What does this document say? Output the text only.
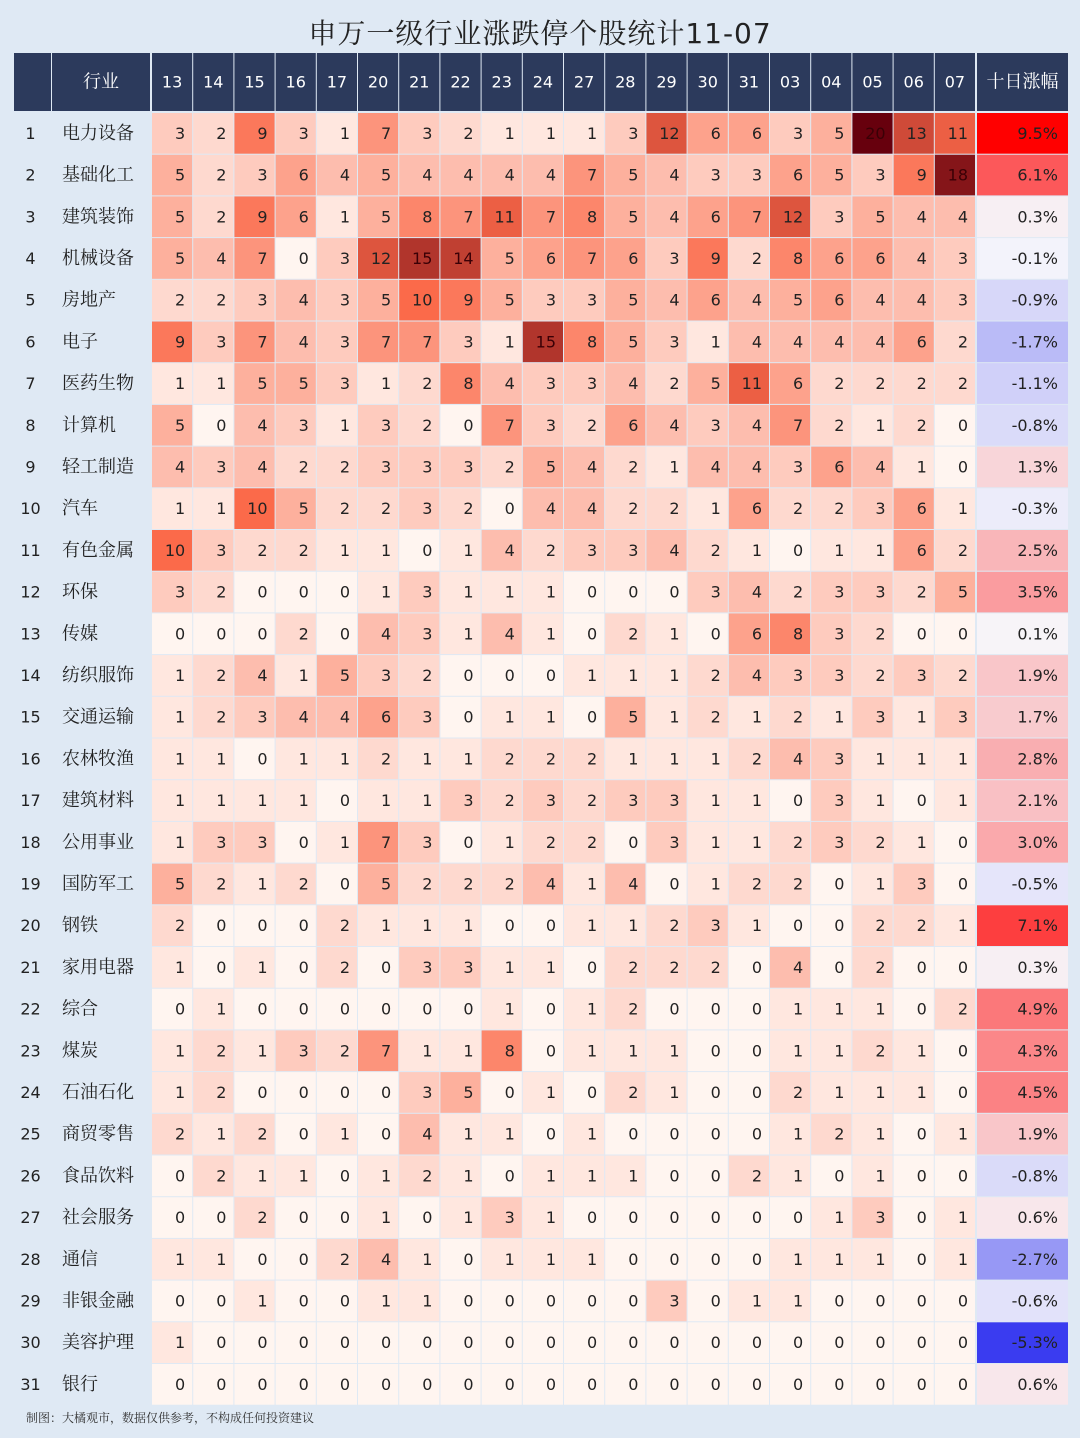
申万一级行业涨跌停个股统计11-07
行业	13 14 15 16 17 20 21 22 23 24 27 28 29 30 31 03 04 05 06 07 十日涨幅
1 电力设备	3 2 9 3 1 7 3 2 1 1 1 3 12 6 6 3 5 20 13 11	9.5%
2 基础化工	5 2 3 6 4 5 4 4 4 4 7 5 4 3 3 6 5 3 9 18	6.1%
3 建筑装饰	5 2 9 6 1 5 8 7 11 7 8 5 4 6 7 12 3 5 4 4	0.3%
4 机械设备	5 4 7 0 3 12 15 14 5 6 7 6 3 9 2 8 6 6 4 3	-0.1%
5 房地产	2 2 3 4 3 5 10 9 5 3 3 5 4 6 4 5 6 4 4 3	-0.9%
6 电子	9 3 7 4 3 7 7 3 1 15 8 5 3 1 4 4 4 4 6 2	-1.7%
7 医药生物	1 1 5 5 3 1 2 8 4 3 3 4 2 5 11 6 2 2 2 2	-1.1%
8 计算机	5 0 4 3 1 3 2 0 7 3 2 6 4 3 4 7 2 1 2 0	-0.8%
9 轻工制造	4 3 4 2 2 3 3 3 2 5 4 2 1 4 4 3 6 4 1 0	1.3%
10 汽车	1 1 10 5 2 2 3 2 0 4 4 2 2 1 6 2 2 3 6 1	-0.3%
11 有色金属 10 3 2 2 1 1 0 1 4 2 3 3 4 2 1 0 1 1 6 2	2.5%
12 环保	3 2 0 0 0 1 3 1 1 1 0 0 0 3 4 2 3 3 2 5	3.5%
13 传媒	0 0 0 2 0 4 3 1 4 1 0 2 1 0 6 8 3 2 0 0	0.1%
14 纺织服饰	1 2 4 1 5 3 2 0 0 0 1 1 1 2 4 3 3 2 3 2	1.9%
15 交通运输	1 2 3 4 4 6 3 0 1 1 0 5 1 2 1 2 1 3 1 3	1.7%
16 农林牧渔	1 1 0 1 1 2 1 1 2 2 2 1 1 1 2 4 3 1 1 1	2.8%
17 建筑材料	1 1 1 1 0 1 1 3 2 3 2 3 3 1 1 0 3 1 0 1	2.1%
18 公用事业	1 3 3 0 1 7 3 0 1 2 2 0 3 1 1 2 3 2 1 0	3.0%
19 国防军工	5 2 1 2 0 5 2 2 2 4 1 4 0 1 2 2 0 1 3 0	-0.5%
20 钢铁	2 0 0 0 2 1 1 1 0 0 1 1 2 3 1 0 0 2 2 1	7.1%
21 家用电器	1 0 1 0 2 0 3 3 1 1 0 2 2 2 0 4 0 2 0 0	0.3%
22 综合	0 1 0 0 0 0 0 0 1 0 1 2 0 0 0 1 1 1 0 2	4.9%
23 煤炭	1 2 1 3 2 7 1 1 8 0 1 1 1 0 0 1 1 2 1 0	4.3%
24 石油石化	1 2 0 0 0 0 3 5 0 1 0 2 1 0 0 2 1 1 1 0	4.5%
25 商贸零售	2 1 2 0 1 0 4 1 1 0 1 0 0 0 0 1 2 1 0 1	1.9%
26 食品饮料	0 2 1 1 0 1 2 1 0 1 1 1 0 0 2 1 0 1 0 0	-0.8%
27 社会服务	0 0 2 0 0 1 0 1 3 1 0 0 0 0 0 0 1 3 0 1	0.6%
28 通信	1 1 0 0 2 4 1 0 1 1 1 0 0 0 0 1 1 1 0 1	-2.7%
29 非银金融	0 0 1 0 0 1 1 0 0 0 0 0 3 0 1 1 0 0 0 0	-0.6%
30 美容护理	1 0 0 0 0 0 0 0 0 0 0 0 0 0 0 0 0 0 0 0	-5.3%
31 银行	0 0 0 0 0 0 0 0 0 0 0 0 0 0 0 0 0 0 0 0	0.6%
制图：大橘观市，数据仅供参考，不构成任何投资建议
